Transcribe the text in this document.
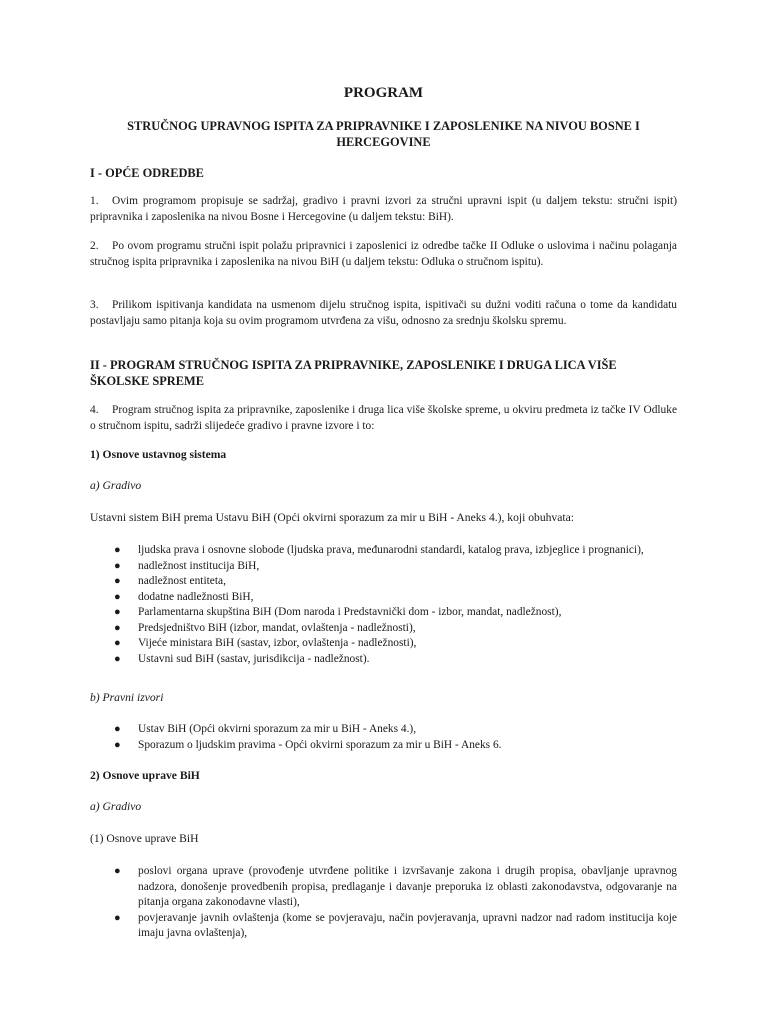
PROGRAM
STRUČNOG UPRAVNOG ISPITA ZA PRIPRAVNIKE I ZAPOSLENIKE NA NIVOU BOSNE I HERCEGOVINE
I - OPĆE ODREDBE

1. Ovim programom propisuje se sadržaj, gradivo i pravni izvori za stručni upravni ispit (u daljem tekstu: stručni ispit) pripravnika i zaposlenika na nivou Bosne i Hercegovine (u daljem tekstu: BiH).

2. Po ovom programu stručni ispit polažu pripravnici i zaposlenici iz odredbe tačke II Odluke o uslovima i načinu polaganja stručnog ispita pripravnika i zaposlenika na nivou BiH (u daljem tekstu: Odluka o stručnom ispitu).

3. Prilikom ispitivanja kandidata na usmenom dijelu stručnog ispita, ispitivači su dužni voditi računa o tome da kandidatu postavljaju samo pitanja koja su ovim programom utvrđena za višu, odnosno za srednju školsku spremu.

II - PROGRAM STRUČNOG ISPITA ZA PRIPRAVNIKE, ZAPOSLENIKE I DRUGA LICA VIŠE ŠKOLSKE SPREME

4. Program stručnog ispita za pripravnike, zaposlenike i druga lica više školske spreme, u okviru predmeta iz tačke IV Odluke o stručnom ispitu, sadrži slijedeće gradivo i pravne izvore i to:

1) Osnove ustavnog sistema

a) Gradivo

Ustavni sistem BiH prema Ustavu BiH (Opći okvirni sporazum za mir u BiH - Aneks 4.), koji obuhvata:

● ljudska prava i osnovne slobode (ljudska prava, međunarodni standardi, katalog prava, izbjeglice i prognanici),
● nadležnost institucija BiH,
● nadležnost entiteta,
● dodatne nadležnosti BiH,
● Parlamentarna skupština BiH (Dom naroda i Predstavnički dom - izbor, mandat, nadležnost),
● Predsjedništvo BiH (izbor, mandat, ovlaštenja - nadležnosti),
● Vijeće ministara BiH (sastav, izbor, ovlaštenja - nadležnosti),
● Ustavni sud BiH (sastav, jurisdikcija - nadležnost).

b) Pravni izvori

● Ustav BiH (Opći okvirni sporazum za mir u BiH - Aneks 4.),
● Sporazum o ljudskim pravima - Opći okvirni sporazum za mir u BiH - Aneks 6.

2) Osnove uprave BiH

a) Gradivo

(1) Osnove uprave BiH

● poslovi organa uprave (provođenje utvrđene politike i izvršavanje zakona i drugih propisa, obavljanje upravnog nadzora, donošenje provedbenih propisa, predlaganje i davanje preporuka iz oblasti zakonodavstva, odgovaranje na pitanja organa zakonodavne vlasti),
● povjeravanje javnih ovlaštenja (kome se povjeravaju, način povjeravanja, upravni nadzor nad radom institucija koje imaju javna ovlaštenja),
